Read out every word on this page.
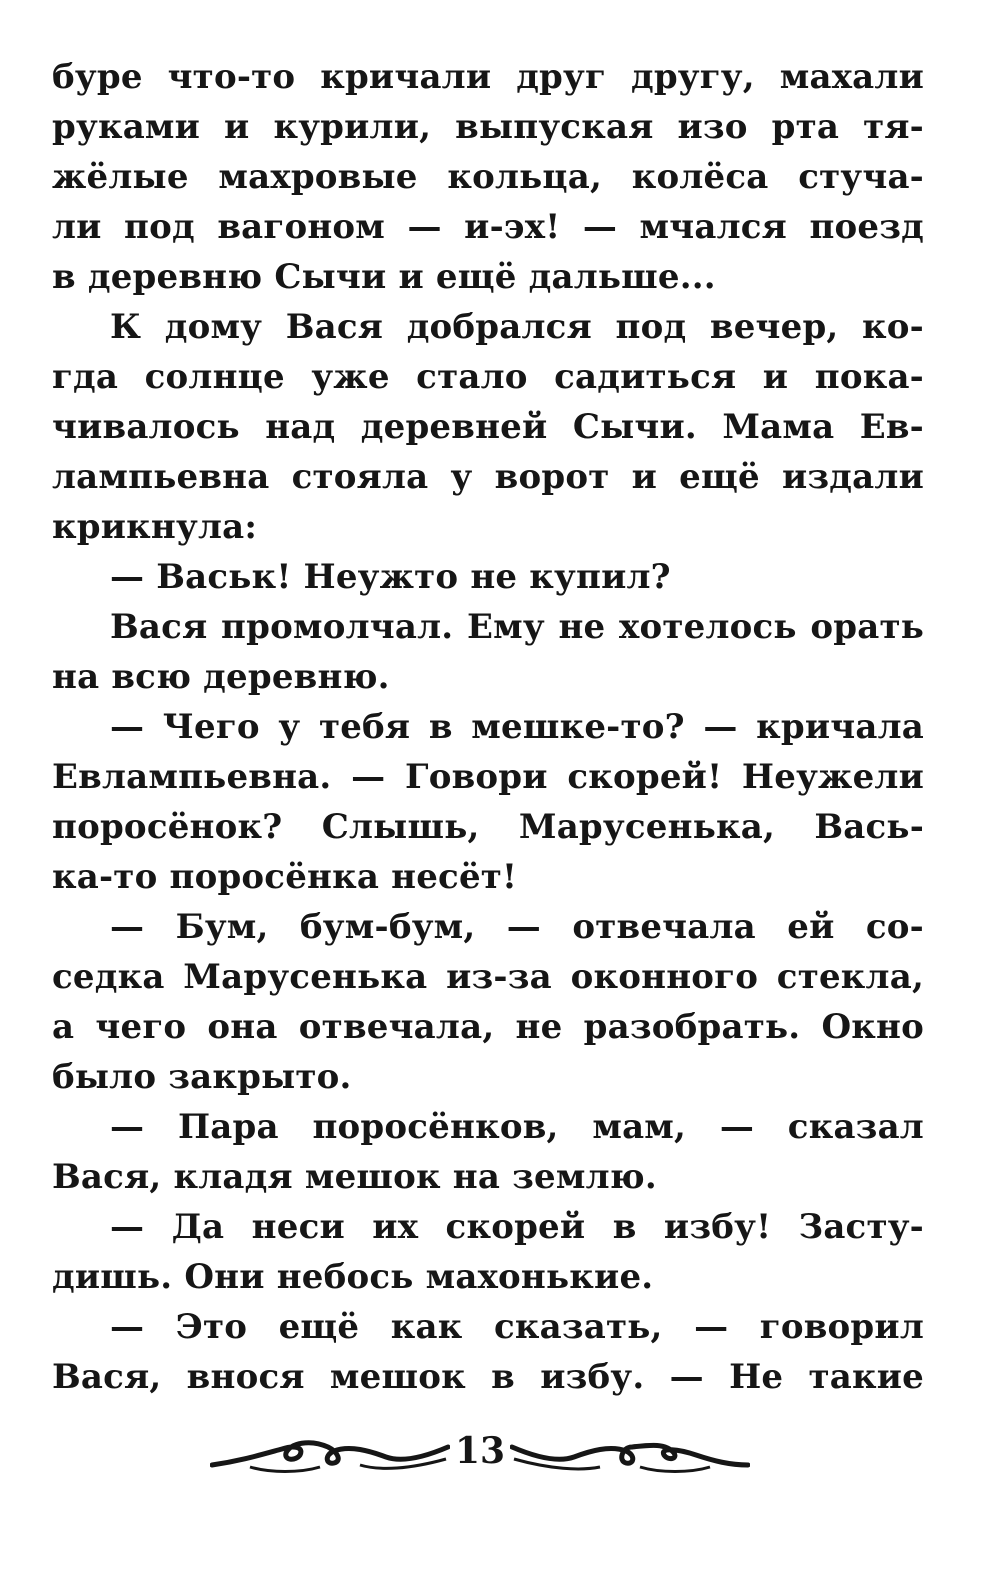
буре что-то кричали друг другу, махали
руками и курили, выпуская изо рта тя-
жёлые махровые кольца, колёса стуча-
ли под вагоном — и-эх! — мчался поезд
в деревню Сычи и ещё дальше...
К дому Вася добрался под вечер, ко-
гда солнце уже стало садиться и пока-
чивалось над деревней Сычи. Мама Ев-
лампьевна стояла у ворот и ещё издали
крикнула:
— Васьк! Неужто не купил?
Вася промолчал. Ему не хотелось орать
на всю деревню.
— Чего у тебя в мешке-то? — кричала
Евлампьевна. — Говори скорей! Неужели
поросёнок? Слышь, Марусенька, Вась-
ка-то поросёнка несёт!
— Бум, бум-бум, — отвечала ей со-
седка Марусенька из-за оконного стекла,
а чего она отвечала, не разобрать. Окно
было закрыто.
— Пара поросёнков, мам, — сказал
Вася, кладя мешок на землю.
— Да неси их скорей в избу! Засту-
дишь. Они небось махонькие.
— Это ещё как сказать, — говорил
Вася, внося мешок в избу. — Не такие
13
